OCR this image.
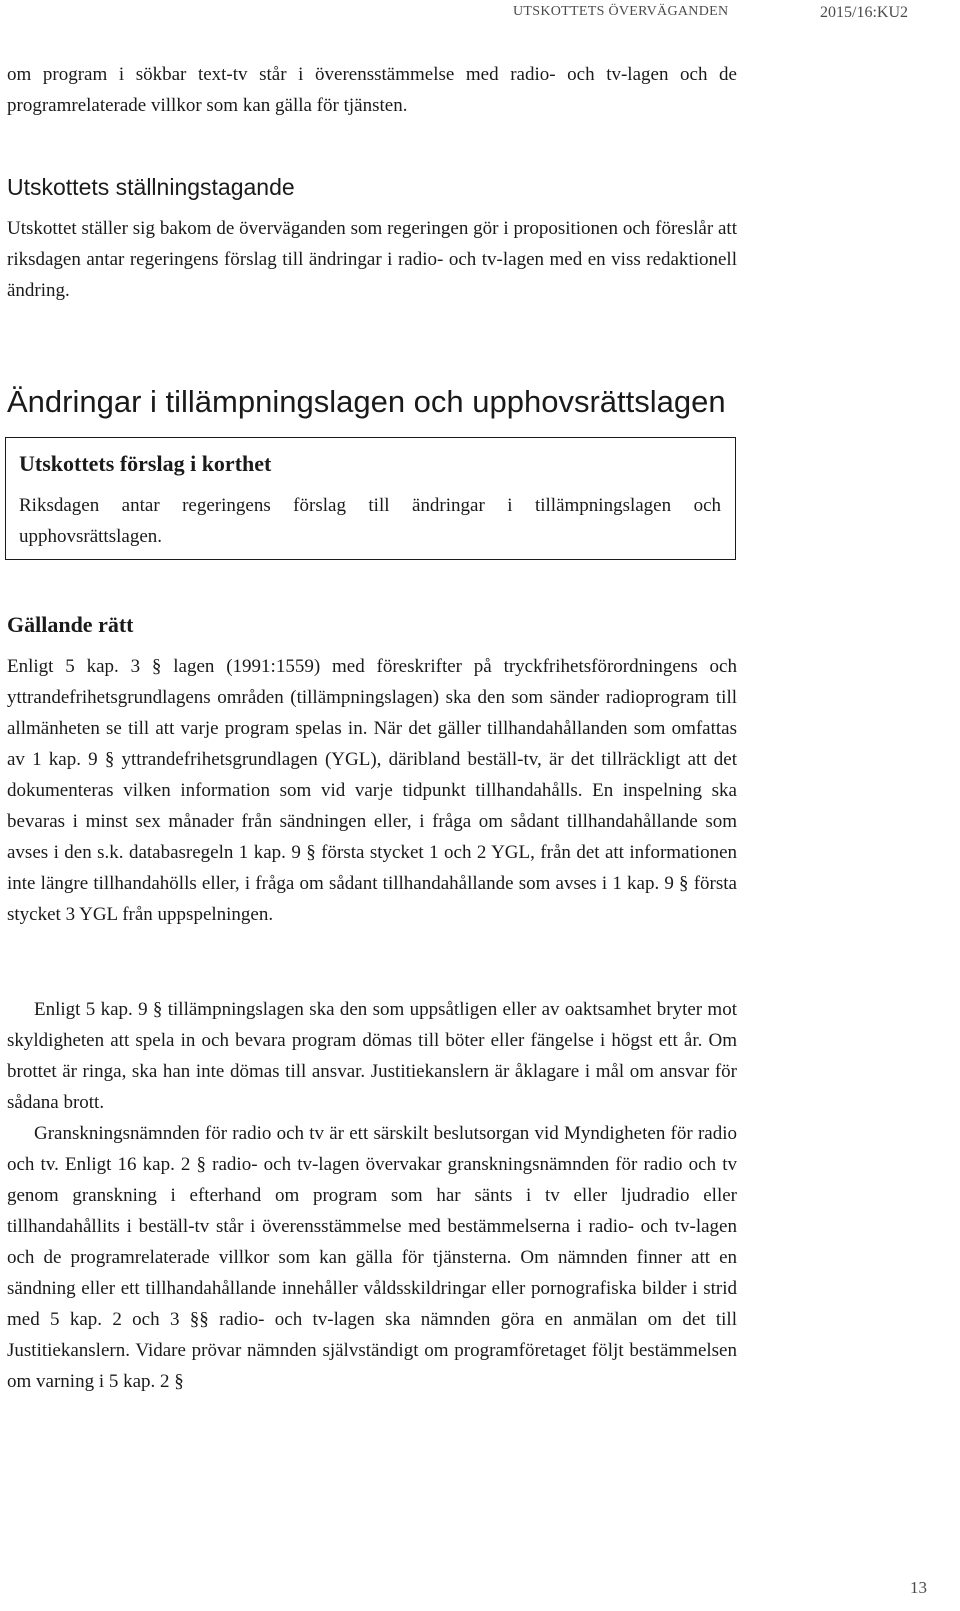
UTSKOTTETS ÖVERVÄGANDEN	2015/16:KU2

om program i sökbar text-tv står i överensstämmelse med radio- och tv-lagen och de programrelaterade villkor som kan gälla för tjänsten.

Utskottets ställningstagande

Utskottet ställer sig bakom de överväganden som regeringen gör i propositionen och föreslår att riksdagen antar regeringens förslag till ändringar i radio- och tv-lagen med en viss redaktionell ändring.

Ändringar i tillämpningslagen och upphovsrättslagen
Utskottets förslag i korthet

Riksdagen antar regeringens förslag till ändringar i tillämpningslagen och upphovsrättslagen.

Gällande rätt

Enligt 5 kap. 3 § lagen (1991:1559) med föreskrifter på tryckfrihetsförordningens och yttrandefrihetsgrundlagens områden (tillämpningslagen) ska den som sänder radioprogram till allmänheten se till att varje program spelas in. När det gäller tillhandahållanden som omfattas av 1 kap. 9 § yttrandefrihetsgrundlagen (YGL), däribland beställ-tv, är det tillräckligt att det dokumenteras vilken information som vid varje tidpunkt tillhandahålls. En inspelning ska bevaras i minst sex månader från sändningen eller, i fråga om sådant tillhandahållande som avses i den s.k. databasregeln 1 kap. 9 § första stycket 1 och 2 YGL, från det att informationen inte längre tillhandahölls eller, i fråga om sådant tillhandahållande som avses i 1 kap. 9 § första stycket 3 YGL från uppspelningen.

Enligt 5 kap. 9 § tillämpningslagen ska den som uppsåtligen eller av oaktsamhet bryter mot skyldigheten att spela in och bevara program dömas till böter eller fängelse i högst ett år. Om brottet är ringa, ska han inte dömas till ansvar. Justitiekanslern är åklagare i mål om ansvar för sådana brott.

Granskningsnämnden för radio och tv är ett särskilt beslutsorgan vid Myndigheten för radio och tv. Enligt 16 kap. 2 § radio- och tv-lagen övervakar granskningsnämnden för radio och tv genom granskning i efterhand om program som har sänts i tv eller ljudradio eller tillhandahållits i beställ-tv står i överensstämmelse med bestämmelserna i radio- och tv-lagen och de programrelaterade villkor som kan gälla för tjänsterna. Om nämnden finner att en sändning eller ett tillhandahållande innehåller våldsskildringar eller pornografiska bilder i strid med 5 kap. 2 och 3 §§ radio- och tv-lagen ska nämnden göra en anmälan om det till Justitiekanslern. Vidare prövar nämnden självständigt om programföretaget följt bestämmelsen om varning i 5 kap. 2 §

13
